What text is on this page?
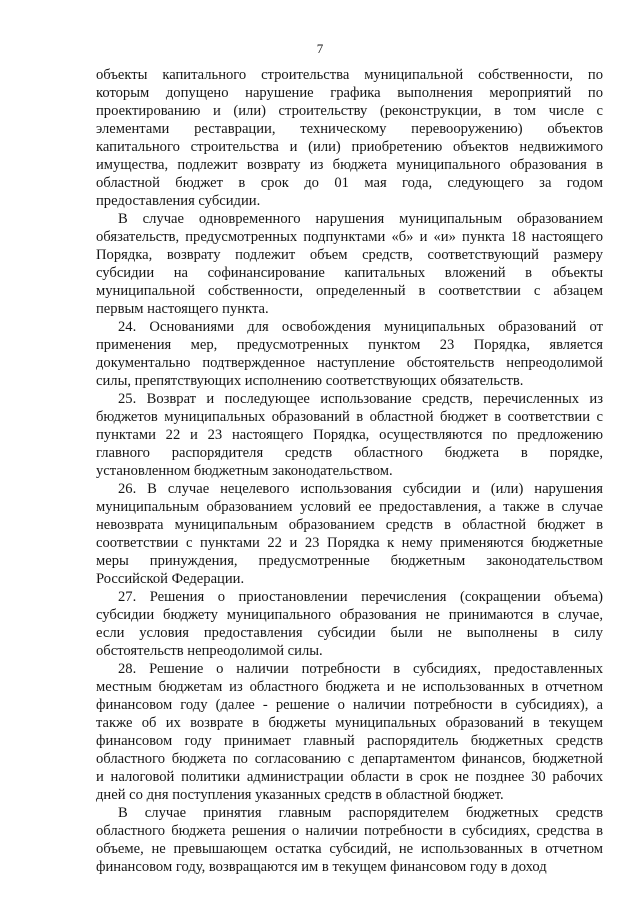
7
объекты капитального строительства муниципальной собственности, по
которым допущено нарушение графика выполнения мероприятий по
проектированию и (или) строительству (реконструкции, в том числе с
элементами реставрации, техническому перевооружению) объектов
капитального строительства и (или) приобретению объектов недвижимого
имущества, подлежит возврату из бюджета муниципального образования в
областной бюджет в срок до 01 мая года, следующего за годом
предоставления субсидии.
В случае одновременного нарушения муниципальным образованием
обязательств, предусмотренных подпунктами «б» и «и» пункта 18 настоящего
Порядка, возврату подлежит объем средств, соответствующий размеру
субсидии на софинансирование капитальных вложений в объекты
муниципальной собственности, определенный в соответствии с абзацем
первым настоящего пункта.
24. Основаниями для освобождения муниципальных образований от
применения мер, предусмотренных пунктом 23 Порядка, является
документально подтвержденное наступление обстоятельств непреодолимой
силы, препятствующих исполнению соответствующих обязательств.
25. Возврат и последующее использование средств, перечисленных из
бюджетов муниципальных образований в областной бюджет в соответствии с
пунктами 22 и 23 настоящего Порядка, осуществляются по предложению
главного распорядителя средств областного бюджета в порядке,
установленном бюджетным законодательством.
26. В случае нецелевого использования субсидии и (или) нарушения
муниципальным образованием условий ее предоставления, а также в случае
невозврата муниципальным образованием средств в областной бюджет в
соответствии с пунктами 22 и 23 Порядка к нему применяются бюджетные
меры принуждения, предусмотренные бюджетным законодательством
Российской Федерации.
27. Решения о приостановлении перечисления (сокращении объема)
субсидии бюджету муниципального образования не принимаются в случае,
если условия предоставления субсидии были не выполнены в силу
обстоятельств непреодолимой силы.
28. Решение о наличии потребности в субсидиях, предоставленных
местным бюджетам из областного бюджета и не использованных в отчетном
финансовом году (далее - решение о наличии потребности в субсидиях), а
также об их возврате в бюджеты муниципальных образований в текущем
финансовом году принимает главный распорядитель бюджетных средств
областного бюджета по согласованию с департаментом финансов, бюджетной
и налоговой политики администрации области в срок не позднее 30 рабочих
дней со дня поступления указанных средств в областной бюджет.
В случае принятия главным распорядителем бюджетных средств
областного бюджета решения о наличии потребности в субсидиях, средства в
объеме, не превышающем остатка субсидий, не использованных в отчетном
финансовом году, возвращаются им в текущем финансовом году в доход
